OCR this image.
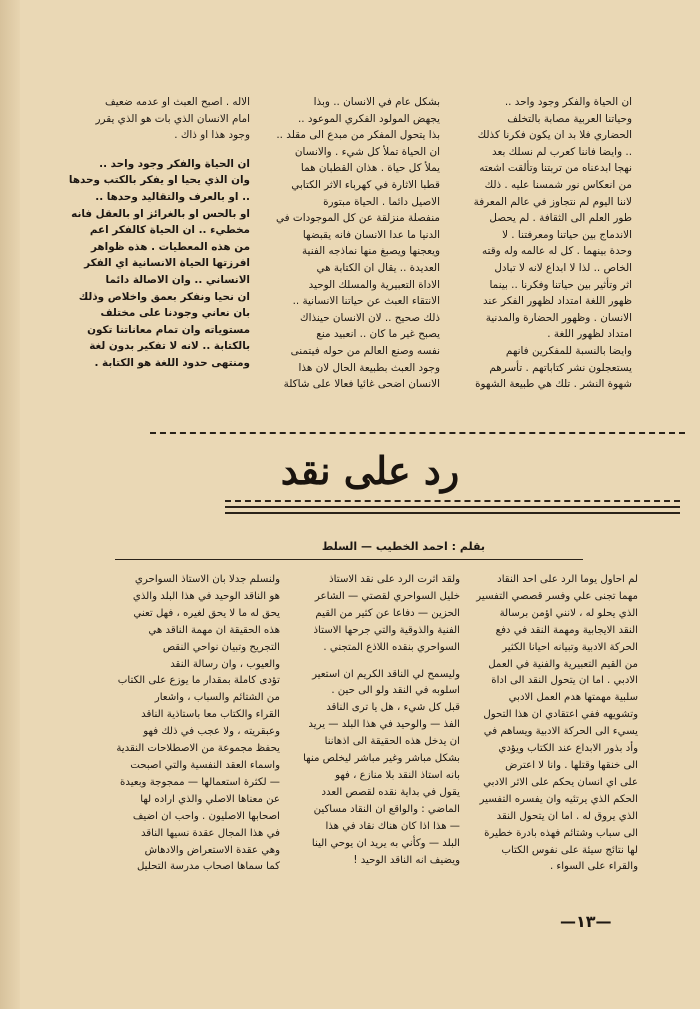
ان الحياة والفكر وجود واحد ..
وحياتنا العربية مصابة بالتخلف
الحضاري فلا بد ان يكون فكرنا كذلك
.. وايضا فاننا كعرب لم نسلك بعد
نهجا ابدعناه من تربتنا وتألقت اشعته
من انعكاس نور شمسنا عليه . ذلك
لاننا اليوم لم نتجاوز في عالم المعرفة
طور العلم الى الثقافة . لم يحصل
الاندماج بين حياتنا ومعرفتنا . لا
وحدة بينهما . كل له عالمه وله وقته
الخاص .. لذا لا ابداع لانه لا تبادل
اثر وتأثير بين حياتنا وفكرنا .. بينما
ظهور اللغة امتداد لظهور الفكر عند
الانسان . وظهور الحضارة والمدنية
امتداد لظهور اللغة .
وايضا بالنسبة للمفكرين فانهم
يستعجلون نشر كتاباتهم . تأسرهم
شهوة النشر . تلك هي طبيعة الشهوة

بشكل عام في الانسان .. وبذا
يجهض المولود الفكري الموعود ..
بذا يتحول المفكر من مبدع الى مقلد ..
ان الحياة تملأ كل شيء . والانسان
يملأ كل حياة . هذان القطبان هما
قطبا الاثارة في كهرباء الاثر الكتابي
الاصيل دائما . الحياة مبتورة
منفصلة منزلقة عن كل الموجودات في
الدنيا ما عدا الانسان فانه يقبضها
ويعجنها ويصبغ منها نماذجه الفنية
العديدة .. يقال ان الكتابة هي
الاداة التعبيرية والمسلك الوحيد
الانتقاء العبث عن حياتنا الانسانية ..
ذلك صحيح .. لان الانسان حينذاك
يصبح غير ما كان .. انعبيد منع
نفسه وصنع العالم من حوله فيتمنى
وجود العبث بطبيعة الحال لان هذا
الانسان اضحى غائيا فعالا على شاكلة

الاله . اصبح العبث او عدمه ضعيف
امام الانسان الذي بات هو الذي يقرر
وجود هذا او ذاك .

ان الحياة والفكر وجود واحد ..
وان الذي يحيا او يفكر بالكتب وحدها
.. او بالعرف والتقاليد وحدها ..
او بالحس او بالغرائز او بالعقل فانه
مخطيء .. ان الحياة كالفكر اعم
من هذه المعطيات . هذه ظواهر
افرزتها الحياة الانسانية اي الفكر
الانساني .. وان الاصالة دائما
ان نحيا ونفكر بعمق واخلاص وذلك
بان نعاني وجودنا على مختلف
مستوياته وان تمام معاناتنا تكون
بالكتابة .. لانه لا تفكير بدون لغة
ومنتهى حدود اللغة هو الكتابة .

رد على نقد
بقلم : احمد الخطيب — السلط

لم احاول يوما الرد على احد النقاد
مهما تجنى علي وفسر قصصي التفسير
الذي يحلو له ، لانني اؤمن برسالة
النقد الايجابية ومهمة النقد في دفع
الحركة الادبية وتبيانه احيانا الكثير
من القيم التعبيرية والفنية في العمل
الادبي . اما ان يتحول النقد الى اداة
سلبية مهمتها هدم العمل الادبي
وتشويهه ففي اعتقادي ان هذا التحول
يسيء الى الحركة الادبية ويساهم في
وأد بذور الابداع عند الكتاب ويؤدي
الى خنقها وقتلها . وانا لا اعترض
على اي انسان يحكم على الاثر الادبي
الحكم الذي يرتئيه وان يفسره التفسير
الذي يروق له . اما ان يتحول النقد
الى سباب وشتائم فهذه بادرة خطيرة
لها نتائج سيئة على نفوس الكتاب
والقراء على السواء .

ولقد اثرت الرد على نقد الاستاذ
خليل السواحري لقصتي — الشاعر
الحزين — دفاعا عن كثير من القيم
الفنية والذوقية والتي جرحها الاستاذ
السواحري بنقده اللاذع المتجني .

وليسمح لي الناقد الكريم ان استعير
اسلوبه في النقد ولو الى حين .
قبل كل شيء ، هل يا ترى الناقد
الفذ — والوحيد في هذا البلد — يريد
ان يدخل هذه الحقيقة الى اذهاننا
بشكل مباشر وغير مباشر ليخلص منها
بانه استاذ النقد بلا منازع ، فهو
يقول في بداية نقده لقصص العدد
الماضي : والواقع ان النقاد مساكين
— هذا اذا كان هناك نقاد في هذا
البلد — وكأني به يريد ان يوحي الينا
ويضيف انه الناقد الوحيد !

ولنسلم جدلا بان الاستاذ السواحري
هو الناقد الوحيد في هذا البلد والذي
يحق له ما لا يحق لغيره ، فهل تعني
هذه الحقيقة ان مهمة الناقد هي
التجريح وتبيان نواحي النقص
والعيوب ، وان رسالة النقد
تؤدى كاملة بمقدار ما يوزع على الكتاب
من الشتائم والسباب ، واشعار
القراء والكتاب معا باستاذية الناقد
وعبقريته ، ولا عجب في ذلك فهو
يحفظ مجموعة من الاصطلاحات النقدية
واسماء العقد النفسية والتي اصبحت
— لكثرة استعمالها — ممجوجة وبعيدة
عن معناها الاصلي والذي اراده لها
اصحابها الاصليون . واحب ان اضيف
في هذا المجال عقدة نسيها الناقد
وهي عقدة الاستعراض والادهاش
كما سماها اصحاب مدرسة التحليل

—١٣—
